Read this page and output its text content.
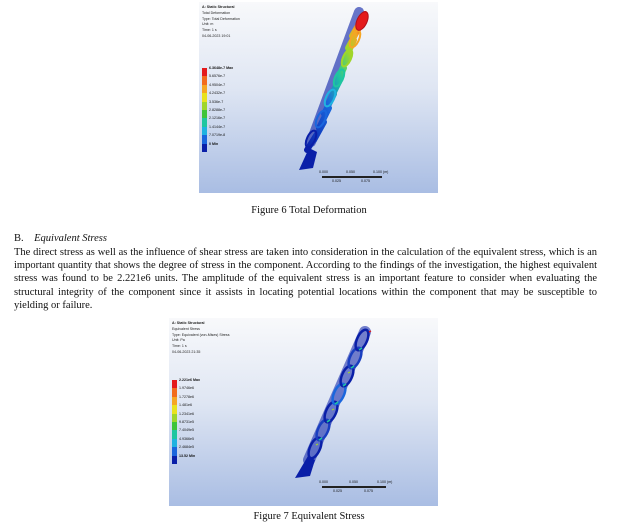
A: Static Structural
Total Deformation
Type: Total Deformation
Unit: m
Time: 1 s
04-06-2023 19:01
6.3648e-7 Max
5.6576e-7
4.9504e-7
4.2432e-7
3.536e-7
2.8288e-7
2.1216e-7
1.4144e-7
7.0719e-8
0 Min
0.000	0.050	0.100 (m)
0.025	0.075
Figure 6 Total Deformation
B. Equivalent Stress

The direct stress as well as the influence of shear stress are taken into consideration in the calculation of the equivalent stress, which is an important quantity that shows the degree of stress in the component. According to the findings of the investigation, the highest equivalent stress was found to be 2.221e6 units. The amplitude of the equivalent stress is an important feature to consider when evaluating the structural integrity of the component since it assists in locating potential locations within the component that may be susceptible to yielding or failure.

A: Static Structural
Equivalent Stress
Type: Equivalent (von-Mises) Stress
Unit: Pa
Time: 1 s
04-06-2023 21:35
2.221e6 Max
1.9746e6
1.7278e6
1.481e6
1.2341e6
9.8731e5
7.4049e5
4.9366e5
2.4684e5
13.52 Min
0.000	0.050	0.100 (m)
0.025	0.075
Figure 7 Equivalent Stress
